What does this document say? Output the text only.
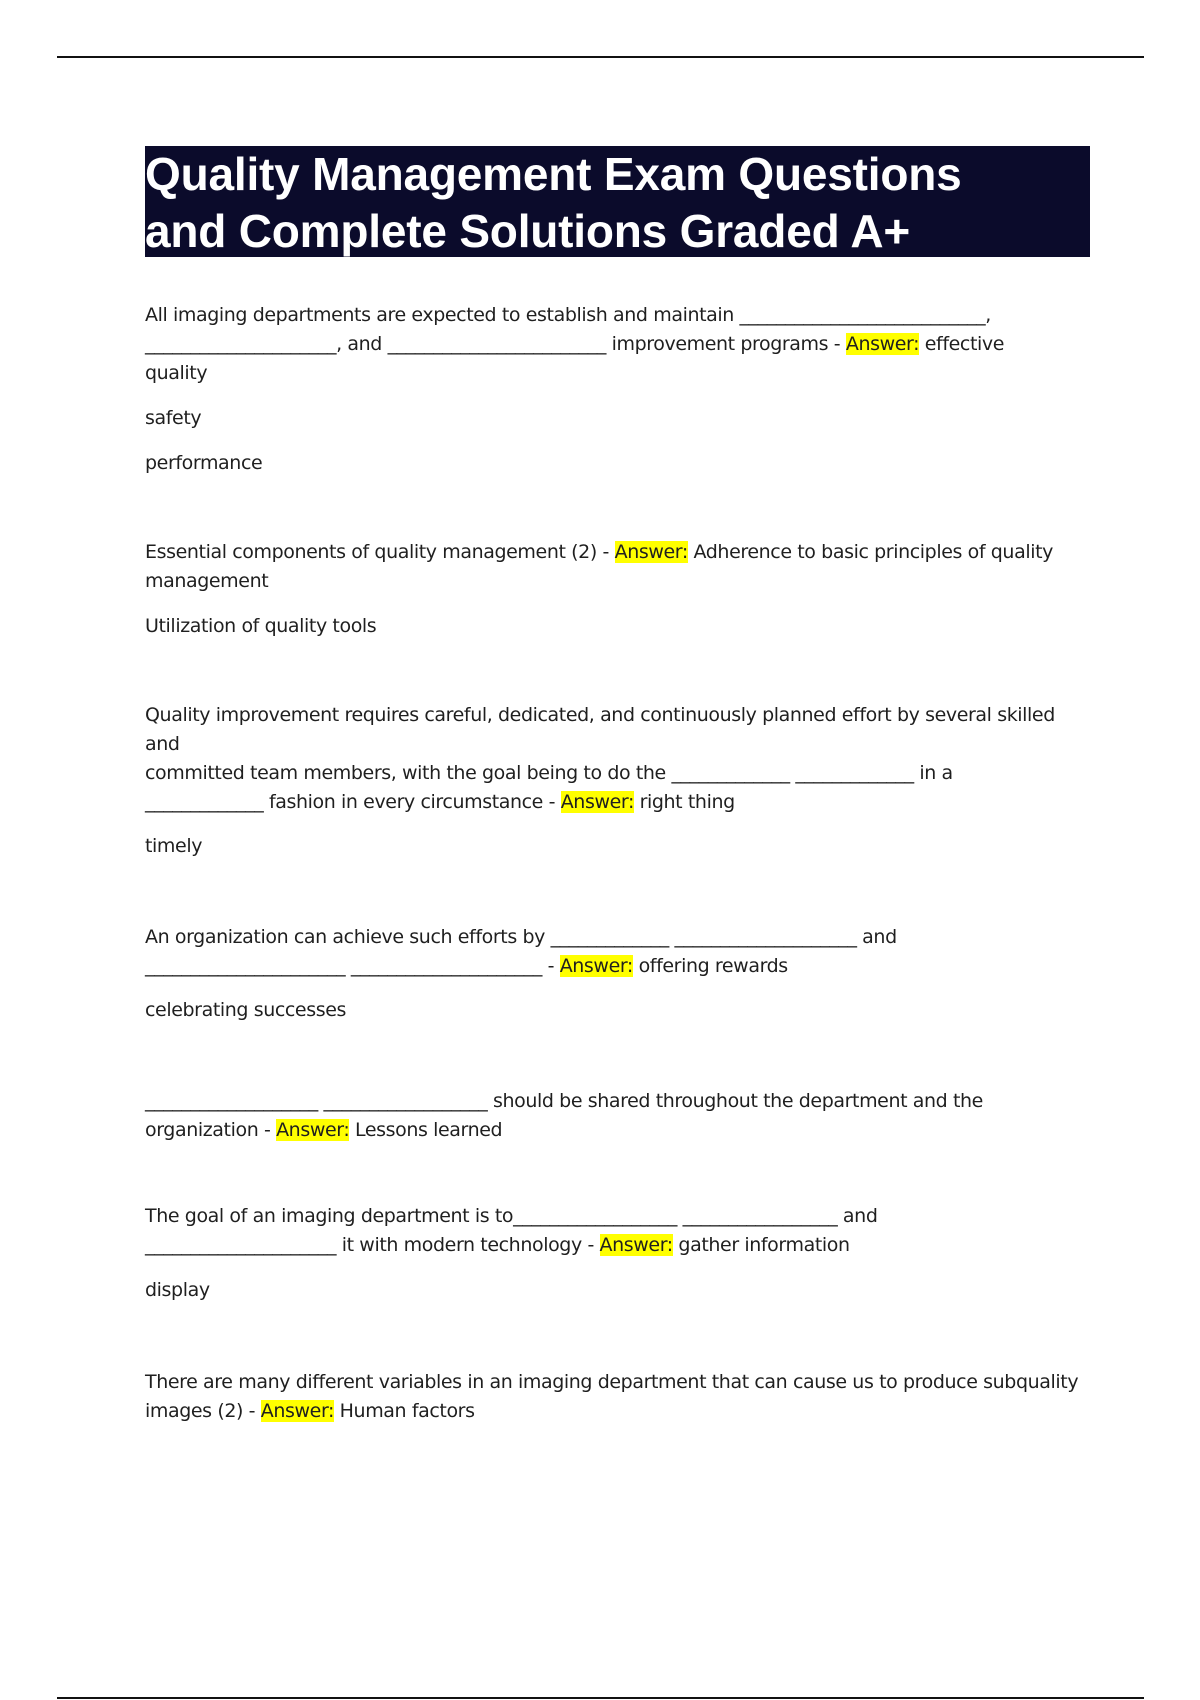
Quality Management Exam Questions
and Complete Solutions Graded A+

All imaging departments are expected to establish and maintain ___________________________,

_____________________, and ________________________ improvement programs - Answer: effective

quality

safety

performance

Essential components of quality management (2) - Answer: Adherence to basic principles of quality

management

Utilization of quality tools

Quality improvement requires careful, dedicated, and continuously planned effort by several skilled and

committed team members, with the goal being to do the _____________ _____________ in a

_____________ fashion in every circumstance - Answer: right thing

timely

An organization can achieve such efforts by _____________ ____________________ and

______________________ _____________________ - Answer: offering rewards

celebrating successes

___________________ __________________ should be shared throughout the department and the

organization - Answer: Lessons learned

The goal of an imaging department is to__________________ _________________ and

_____________________ it with modern technology - Answer: gather information

display

There are many different variables in an imaging department that can cause us to produce subquality

images (2) - Answer: Human factors
